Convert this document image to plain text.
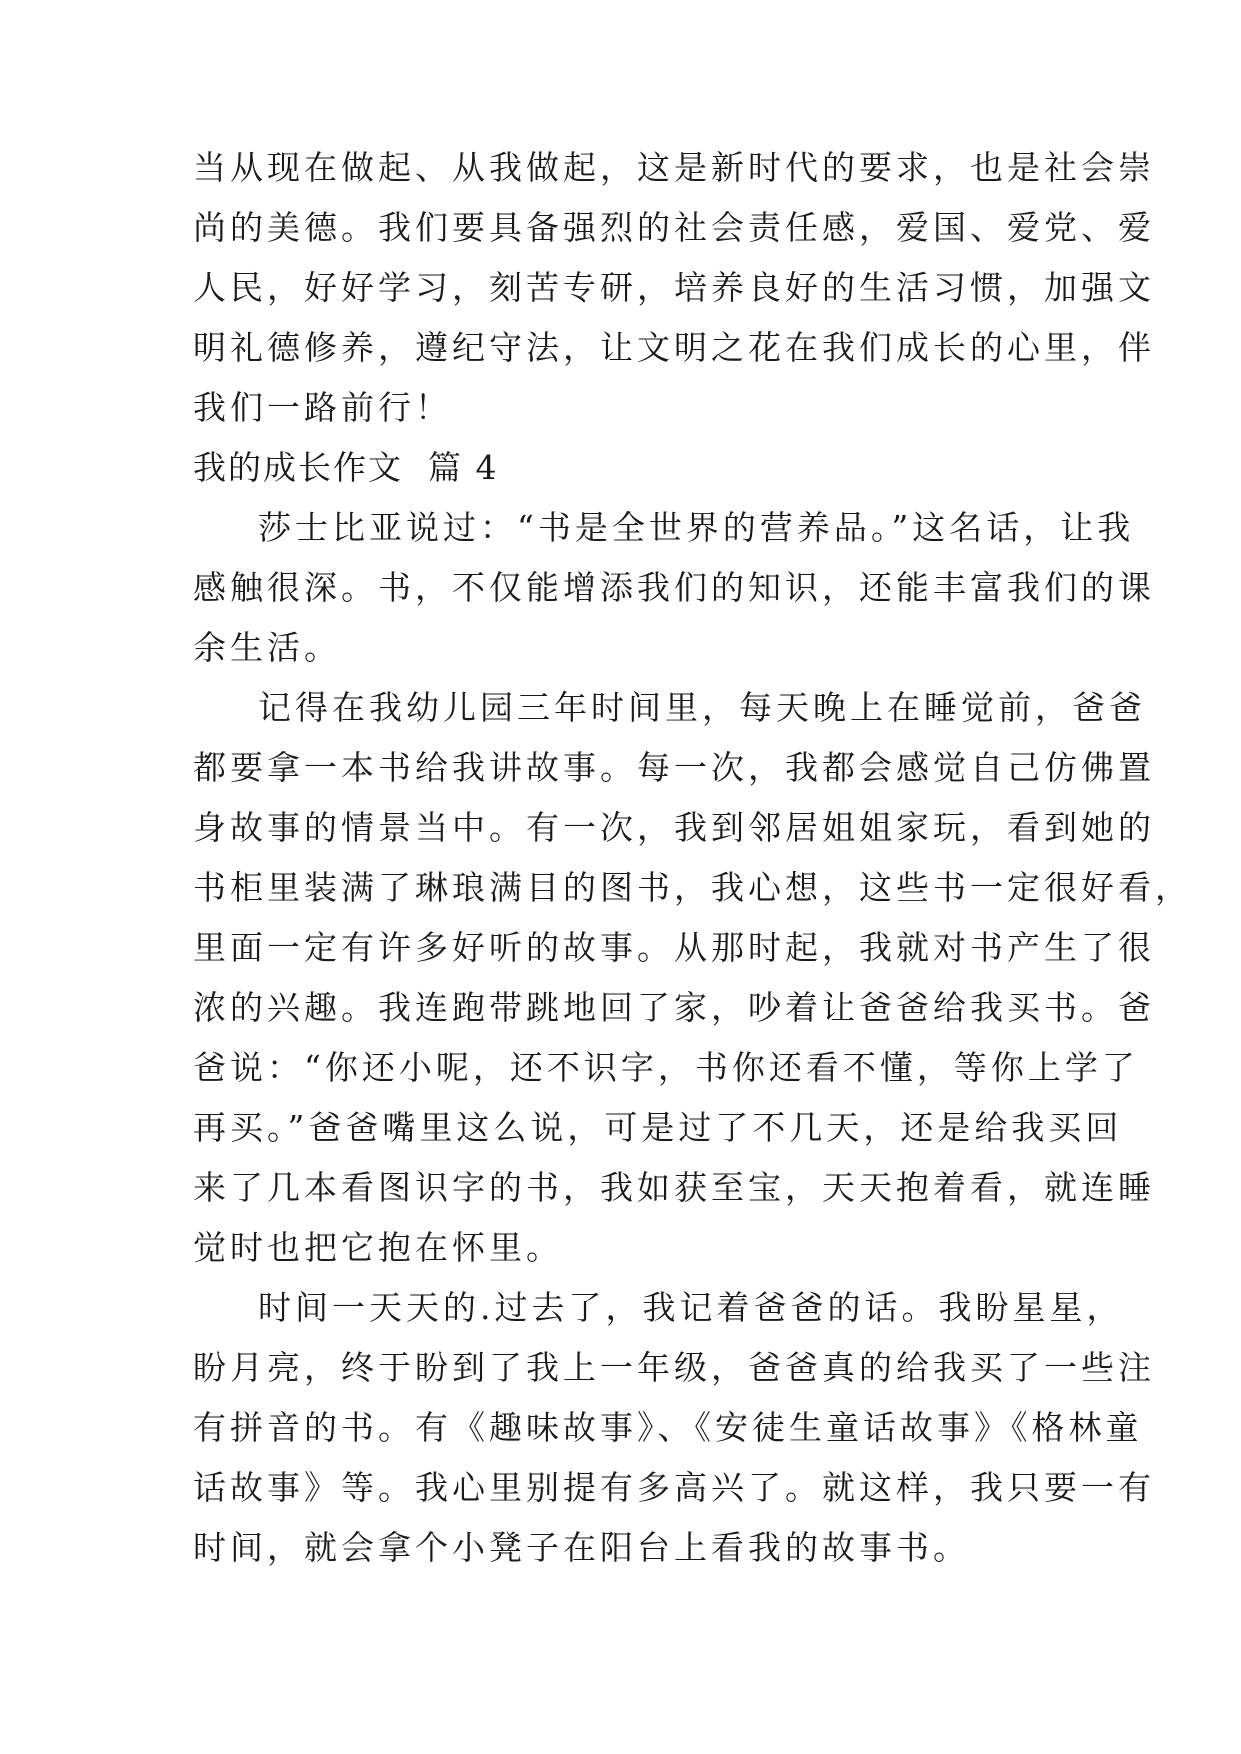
当从现在做起、从我做起，这是新时代的要求，也是社会崇
尚的美德。我们要具备强烈的社会责任感，爱国、爱党、爱
人民，好好学习，刻苦专研，培养良好的生活习惯，加强文
明礼德修养，遵纪守法，让文明之花在我们成长的心里，伴
我们一路前行！
我的成长作文  篇 4
莎士比亚说过：“书是全世界的营养品。”这名话，让我
感触很深。书，不仅能增添我们的知识，还能丰富我们的课
余生活。
记得在我幼儿园三年时间里，每天晚上在睡觉前，爸爸
都要拿一本书给我讲故事。每一次，我都会感觉自己仿佛置
身故事的情景当中。有一次，我到邻居姐姐家玩，看到她的
书柜里装满了琳琅满目的图书，我心想，这些书一定很好看，
里面一定有许多好听的故事。从那时起，我就对书产生了很
浓的兴趣。我连跑带跳地回了家，吵着让爸爸给我买书。爸
爸说：“你还小呢，还不识字，书你还看不懂，等你上学了
再买。”爸爸嘴里这么说，可是过了不几天，还是给我买回
来了几本看图识字的书，我如获至宝，天天抱着看，就连睡
觉时也把它抱在怀里。
时间一天天的.过去了，我记着爸爸的话。我盼星星，
盼月亮，终于盼到了我上一年级，爸爸真的给我买了一些注
有拼音的书。有《趣味故事》、《安徒生童话故事》《格林童
话故事》等。我心里别提有多高兴了。就这样，我只要一有
时间，就会拿个小凳子在阳台上看我的故事书。
